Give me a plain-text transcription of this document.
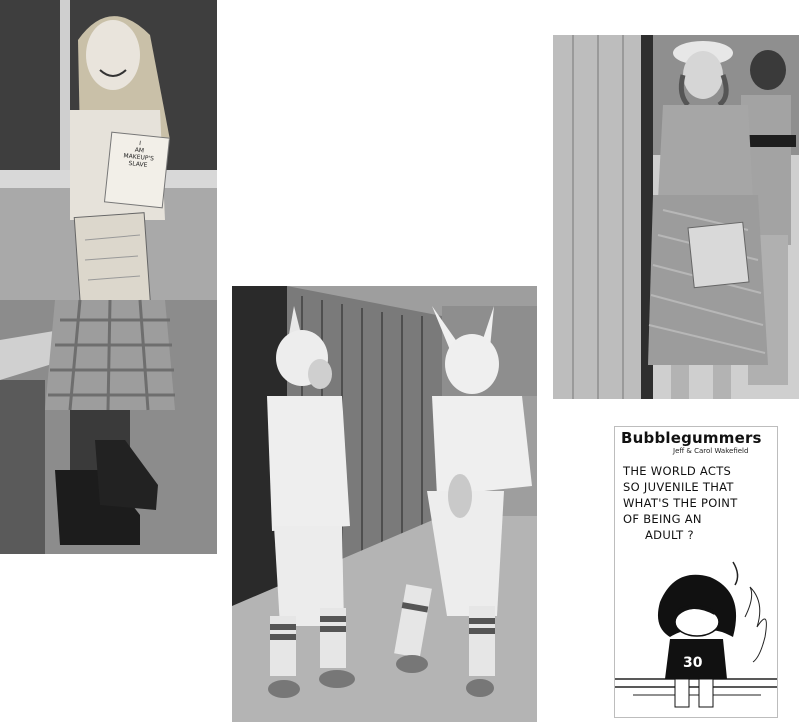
I
AM
MAKEUP'S
SLAVE
Bubblegummers
Jeff & Carol Wakefield
THE WORLD ACTS
SO JUVENILE THAT
WHAT'S THE POINT
OF BEING AN
ADULT ?
30
